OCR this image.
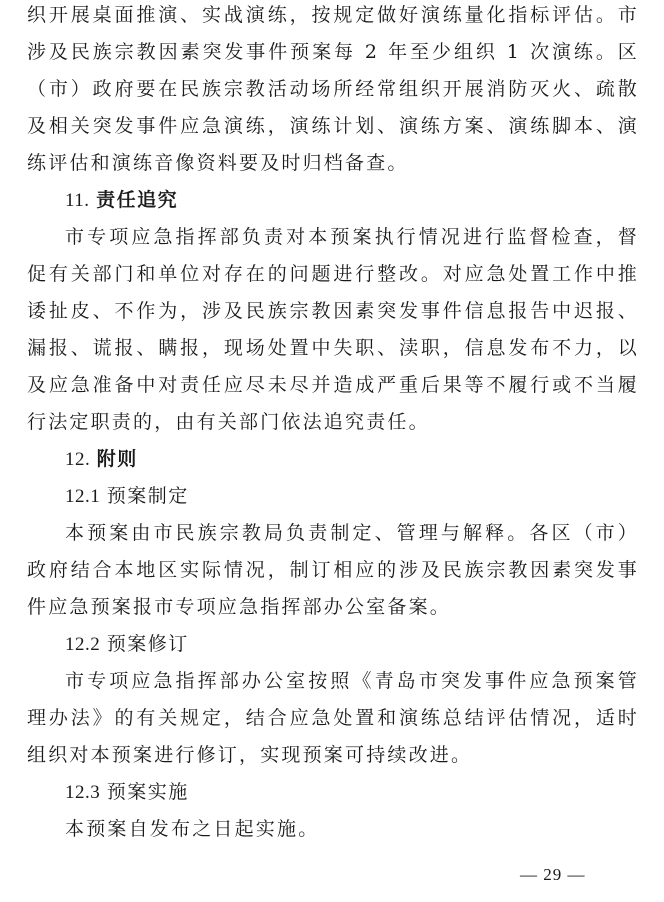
织开展桌面推演、实战演练，按规定做好演练量化指标评估。市
涉及民族宗教因素突发事件预案每 2 年至少组织 1 次演练。区
（市）政府要在民族宗教活动场所经常组织开展消防灭火、疏散
及相关突发事件应急演练，演练计划、演练方案、演练脚本、演
练评估和演练音像资料要及时归档备查。
11. 责任追究
市专项应急指挥部负责对本预案执行情况进行监督检查，督
促有关部门和单位对存在的问题进行整改。对应急处置工作中推
诿扯皮、不作为，涉及民族宗教因素突发事件信息报告中迟报、
漏报、谎报、瞒报，现场处置中失职、渎职，信息发布不力，以
及应急准备中对责任应尽未尽并造成严重后果等不履行或不当履
行法定职责的，由有关部门依法追究责任。
12. 附则
12.1 预案制定
本预案由市民族宗教局负责制定、管理与解释。各区（市）
政府结合本地区实际情况，制订相应的涉及民族宗教因素突发事
件应急预案报市专项应急指挥部办公室备案。
12.2 预案修订
市专项应急指挥部办公室按照《青岛市突发事件应急预案管
理办法》的有关规定，结合应急处置和演练总结评估情况，适时
组织对本预案进行修订，实现预案可持续改进。
12.3 预案实施
本预案自发布之日起实施。
— 29 —
